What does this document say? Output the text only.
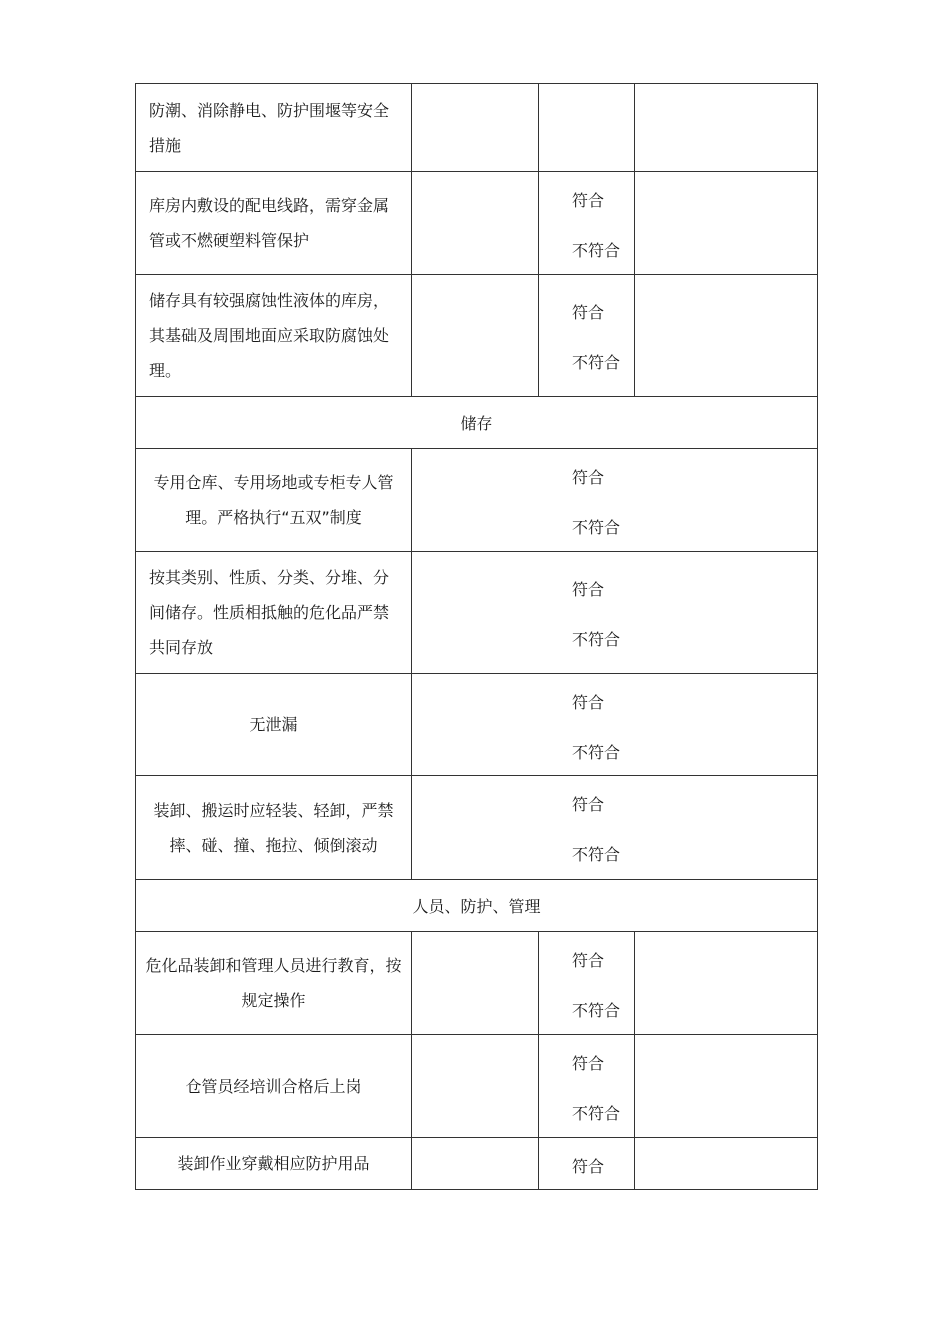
防潮、消除静电、防护围堰等安全措施			
库房内敷设的配电线路，需穿金属管或不燃硬塑料管保护		符合
不符合	

储存具有较强腐蚀性液体的库房，其基础及周围地面应采取防腐蚀处理。		符合
不符合	

储存			
专用仓库、专用场地或专柜专人管理。严格执行“五双”制度	符合
不符合		

按其类别、性质、分类、分堆、分间储存。性质相抵触的危化品严禁共同存放	符合
不符合		

无泄漏	符合
不符合		

装卸、搬运时应轻装、轻卸，严禁摔、碰、撞、拖拉、倾倒滚动	符合
不符合		

人员、防护、管理			
危化品装卸和管理人员进行教育，按规定操作		符合
不符合	

仓管员经培训合格后上岗		符合
不符合	

装卸作业穿戴相应防护用品		符合	
